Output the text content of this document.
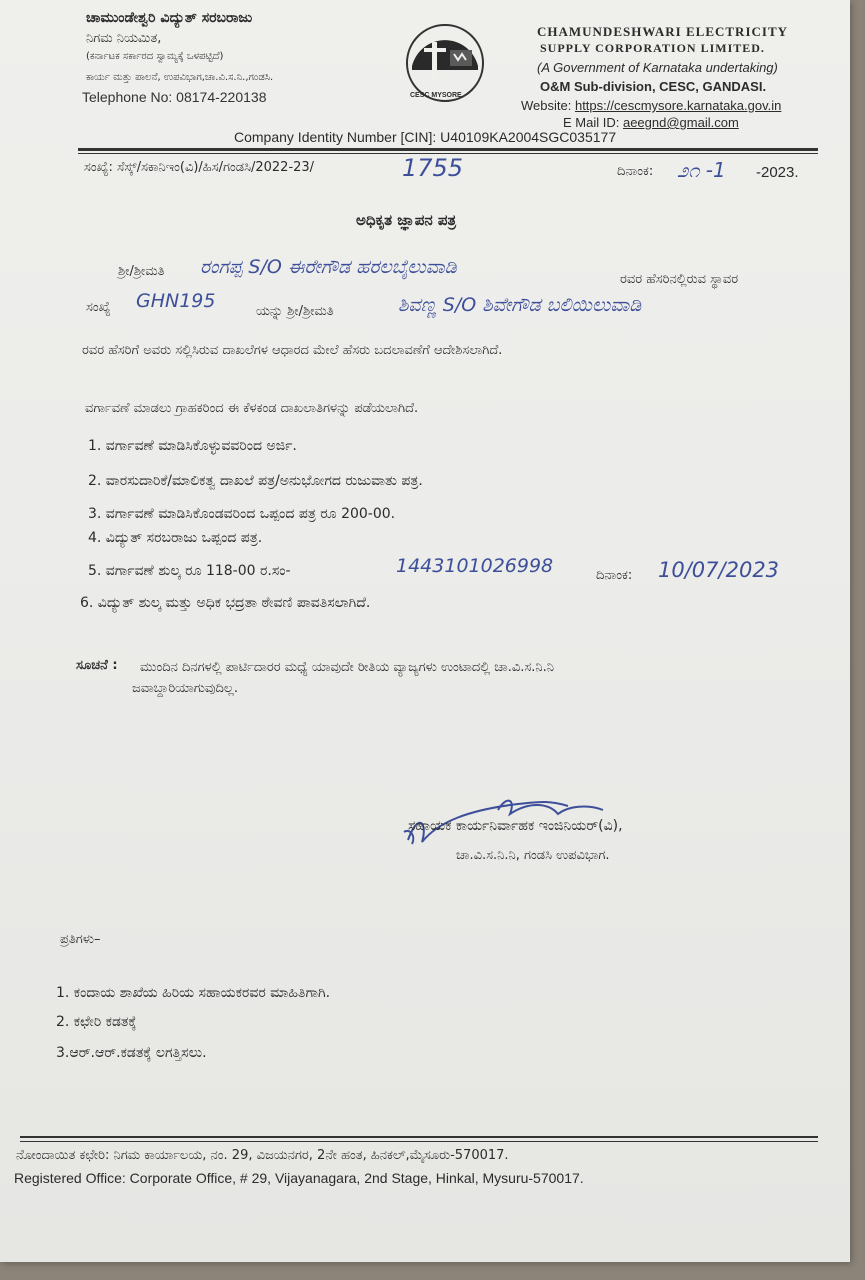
ಚಾಮುಂಡೇಶ್ವರಿ ವಿದ್ಯುತ್ ಸರಬರಾಜು
ನಿಗಮ ನಿಯಮಿತ,
(ಕರ್ನಾಟಕ ಸರ್ಕಾರದ ಸ್ವಾಮ್ಯಕ್ಕೆ ಒಳಪಟ್ಟಿದೆ)
ಕಾರ್ಯ ಮತ್ತು ಪಾಲನೆ, ಉಪವಿಭಾಗ,ಚಾ.ವಿ.ಸ.ನಿ.,ಗಂಡಸಿ.
Telephone No: 08174-220138	CESC MYSORE
CHAMUNDESHWARI ELECTRICITY
SUPPLY CORPORATION LIMITED.
(A Government of Karnataka undertaking)
O&M Sub-division, CESC, GANDASI.
Website: https://cescmysore.karnataka.gov.in
E Mail ID: aeegnd@gmail.com
Company Identity Number [CIN]: U40109KA2004SGC035177
ಸಂಖ್ಯೆ: ಸೆಸ್ಕ್/ಸಕಾನಿಇಂ(ವಿ)/ಹಿಸ/ಗಂಡಸಿ/2022-23/	1755	ದಿನಾಂಕ: ೨೧ -1 -2023.
ಅಧಿಕೃತ ಜ್ಞಾಪನ ಪತ್ರ
ಶ್ರೀ/ಶ್ರೀಮತಿ ರಂಗಪ್ಪ S/O ಈರೇಗೌಡ ಹರಲಬೈಲುವಾಡಿ
ರವರ ಹೆಸರಿನಲ್ಲಿರುವ ಸ್ಥಾವರ
ಸಂಖ್ಯೆ GHN195	ಯನ್ನು ಶ್ರೀ/ಶ್ರೀಮತಿ	ಶಿವಣ್ಣ S/O ಶಿವೇಗೌಡ ಬಲಿಯಿಲುವಾಡಿ
ರವರ ಹೆಸರಿಗೆ ಅವರು ಸಲ್ಲಿಸಿರುವ ದಾಖಲೆಗಳ ಆಧಾರದ ಮೇಲೆ ಹೆಸರು ಬದಲಾವಣೆಗೆ ಆದೇಶಿಸಲಾಗಿದೆ.
ವರ್ಗಾವಣೆ ಮಾಡಲು ಗ್ರಾಹಕರಿಂದ ಈ ಕೆಳಕಂಡ ದಾಖಲಾತಿಗಳನ್ನು ಪಡೆಯಲಾಗಿದೆ.
1. ವರ್ಗಾವಣೆ ಮಾಡಿಸಿಕೊಳ್ಳುವವರಿಂದ ಅರ್ಜಿ.
2. ವಾರಸುದಾರಿಕೆ/ಮಾಲಿಕತ್ವ ದಾಖಲೆ ಪತ್ರ/ಅನುಭೋಗದ ರುಜುವಾತು ಪತ್ರ.
3. ವರ್ಗಾವಣೆ ಮಾಡಿಸಿಕೊಂಡವರಿಂದ ಒಪ್ಪಂದ ಪತ್ರ ರೂ 200-00.
4. ವಿದ್ಯುತ್ ಸರಬರಾಜು ಒಪ್ಪಂದ ಪತ್ರ.
5. ವರ್ಗಾವಣೆ ಶುಲ್ಕ ರೂ 118-00 ರ.ಸಂ-	1443101026998	ದಿನಾಂಕ: 10/07/2023
6. ವಿದ್ಯುತ್ ಶುಲ್ಕ ಮತ್ತು ಅಧಿಕ ಭದ್ರತಾ ಠೇವಣಿ ಪಾವತಿಸಲಾಗಿದೆ.
ಸೂಚನೆ : ಮುಂದಿನ ದಿನಗಳಲ್ಲಿ ಪಾರ್ಟಿದಾರರ ಮಧ್ಯೆ ಯಾವುದೇ ರೀತಿಯ ವ್ಯಾಜ್ಯಗಳು ಉಂಟಾದಲ್ಲಿ ಚಾ.ವಿ.ಸ.ನಿ.ನಿ
ಜವಾಬ್ದಾರಿಯಾಗುವುದಿಲ್ಲ.
ಸಹಾಯಕ ಕಾರ್ಯನಿರ್ವಾಹಕ ಇಂಜಿನಿಯರ್(ವಿ),
ಚಾ.ವಿ.ಸ.ನಿ.ನಿ, ಗಂಡಸಿ ಉಪವಿಭಾಗ.
ಪ್ರತಿಗಳು–
1. ಕಂದಾಯ ಶಾಖೆಯ ಹಿರಿಯ ಸಹಾಯಕರವರ ಮಾಹಿತಿಗಾಗಿ.
2. ಕಛೇರಿ ಕಡತಕ್ಕೆ
3.ಆರ್.ಆರ್.ಕಡತಕ್ಕೆ ಲಗತ್ತಿಸಲು.
ನೋಂದಾಯಿತ ಕಛೇರಿ: ನಿಗಮ ಕಾರ್ಯಾಲಯ, ನಂ. 29, ವಿಜಯನಗರ, 2ನೇ ಹಂತ, ಹಿನಕಲ್,ಮೈಸೂರು-570017.
Registered Office: Corporate Office, # 29, Vijayanagara, 2nd Stage, Hinkal, Mysuru-570017.
